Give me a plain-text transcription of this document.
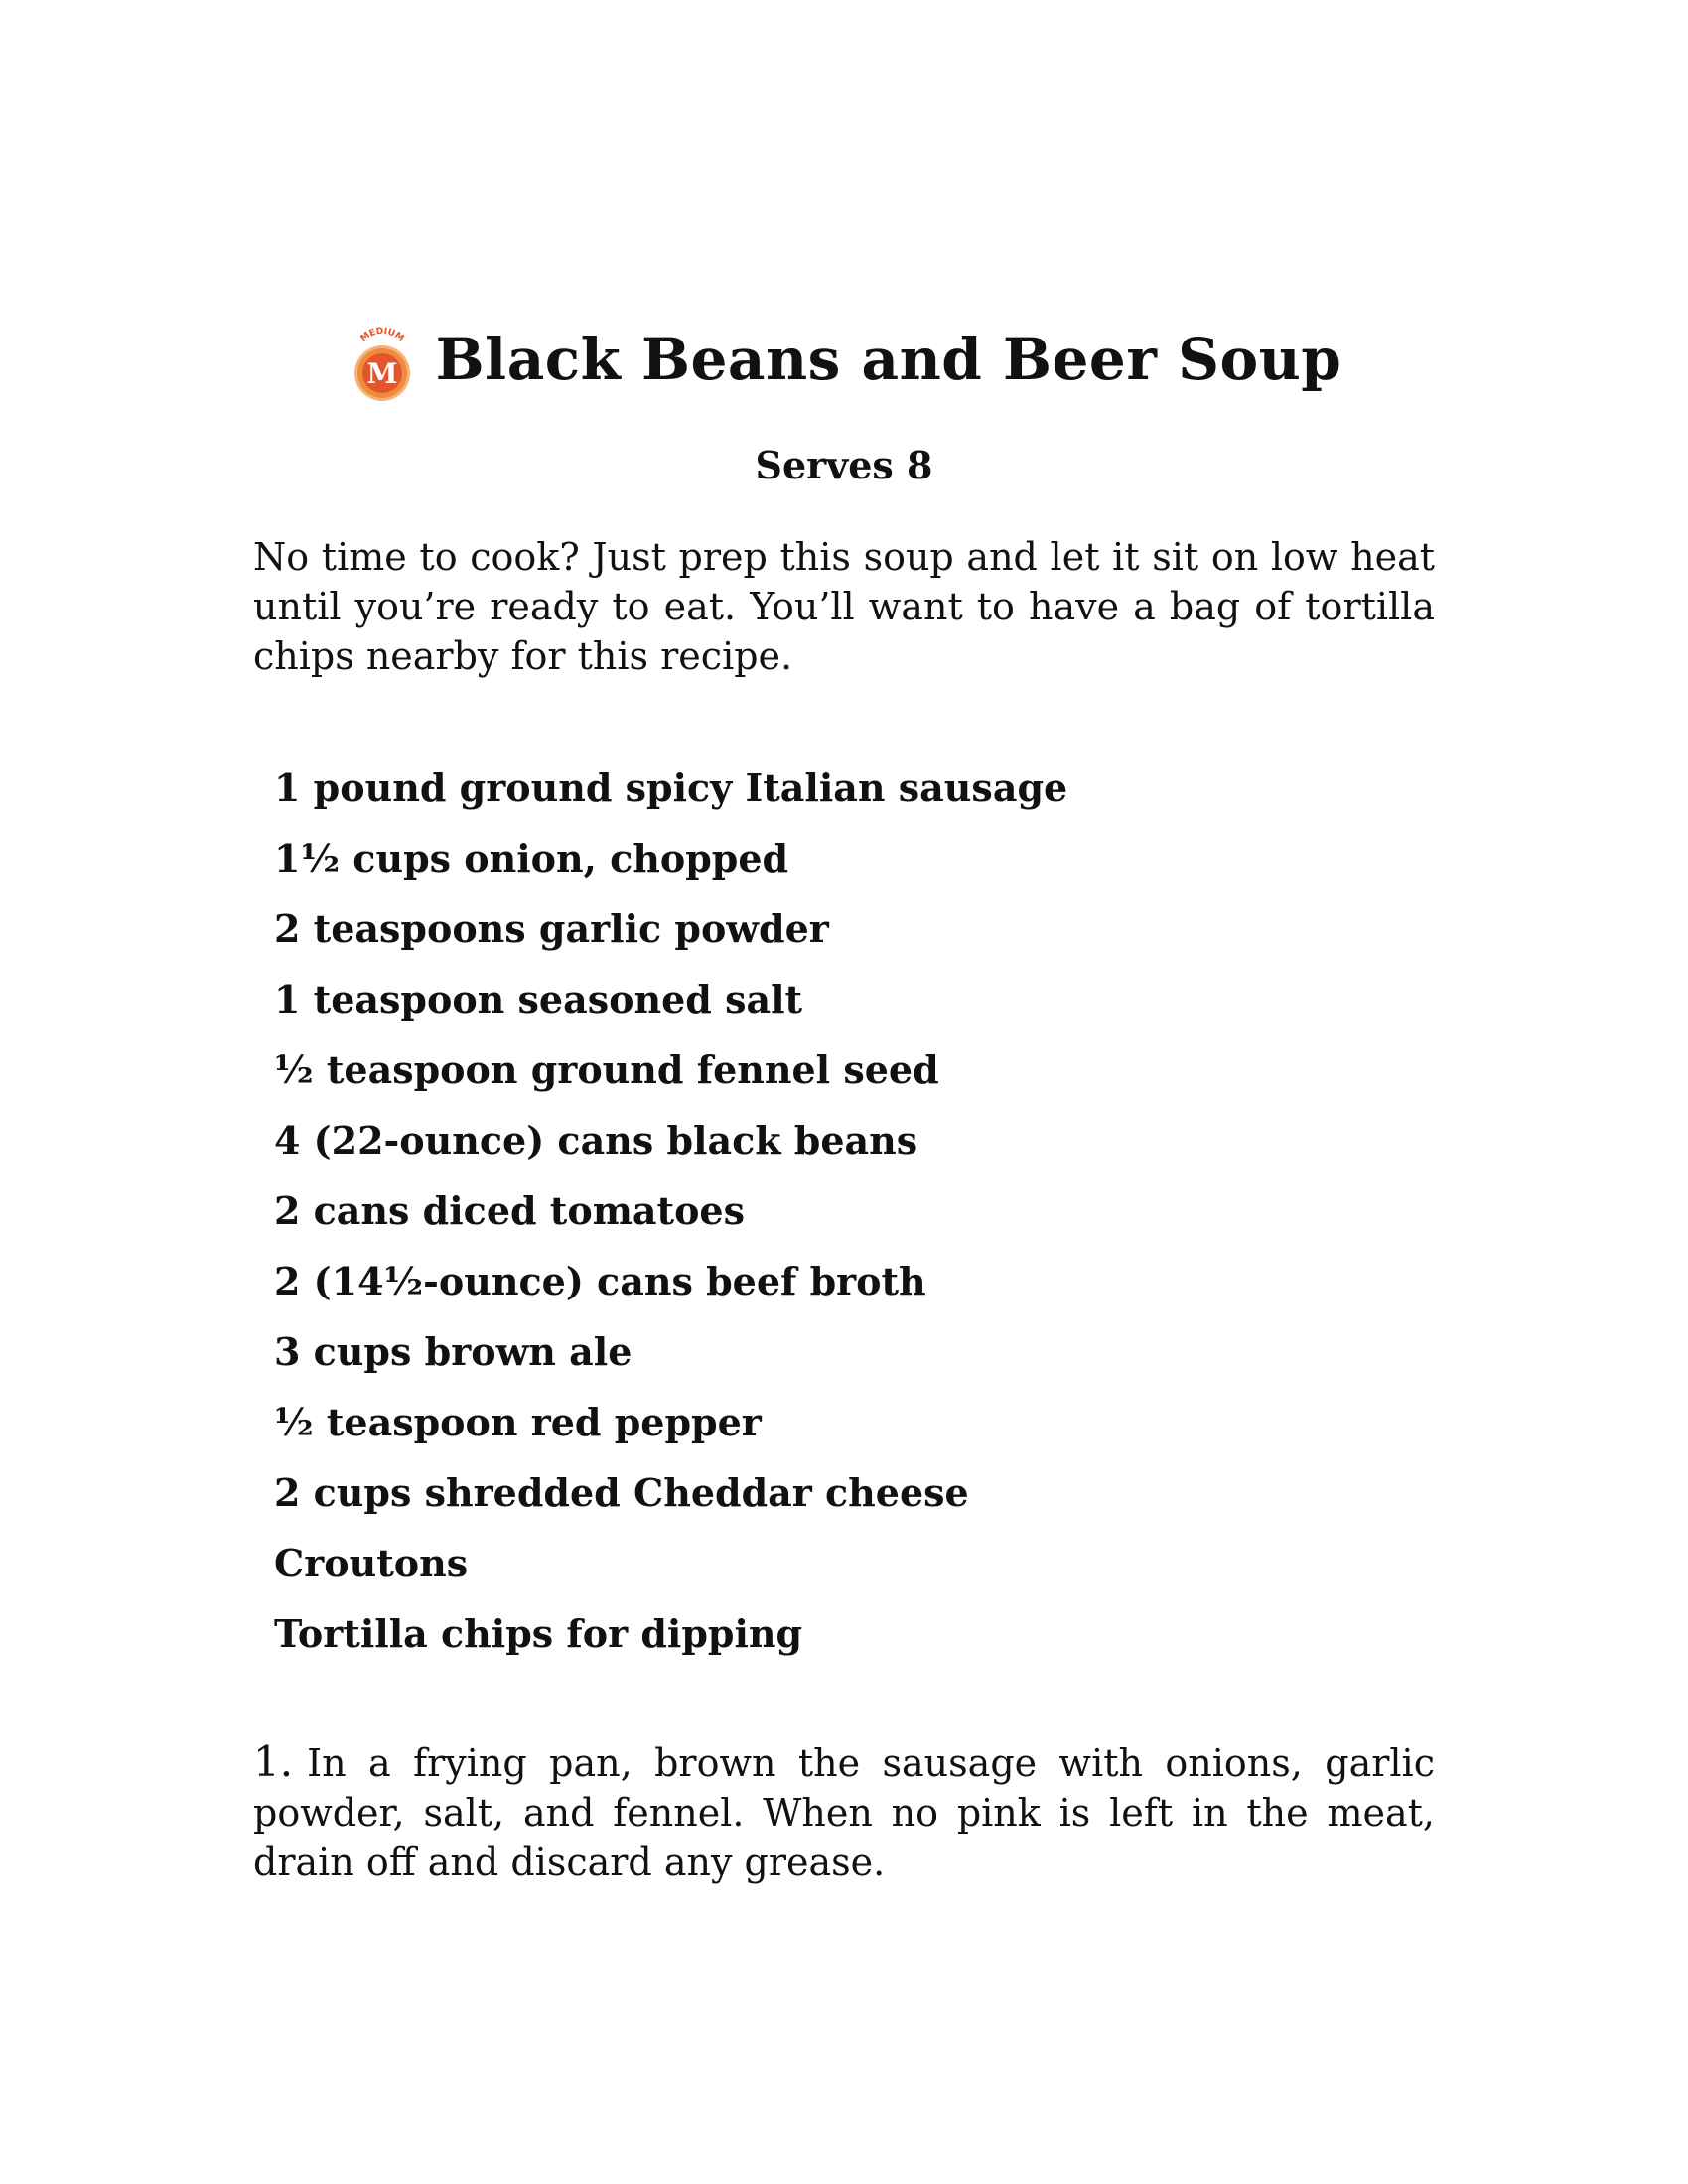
MEDIUM
M Black Beans and Beer Soup
Serves 8

No time to cook? Just prep this soup and let it sit on low heat until you’re ready to eat. You’ll want to have a bag of tortilla chips nearby for this recipe.

1 pound ground spicy Italian sausage
1½ cups onion, chopped
2 teaspoons garlic powder
1 teaspoon seasoned salt
½ teaspoon ground fennel seed
4 (22-ounce) cans black beans
2 cans diced tomatoes
2 (14½-ounce) cans beef broth
3 cups brown ale
½ teaspoon red pepper
2 cups shredded Cheddar cheese
Croutons
Tortilla chips for dipping

1. In a frying pan, brown the sausage with onions, garlic powder, salt, and fennel. When no pink is left in the meat, drain off and discard any grease.
